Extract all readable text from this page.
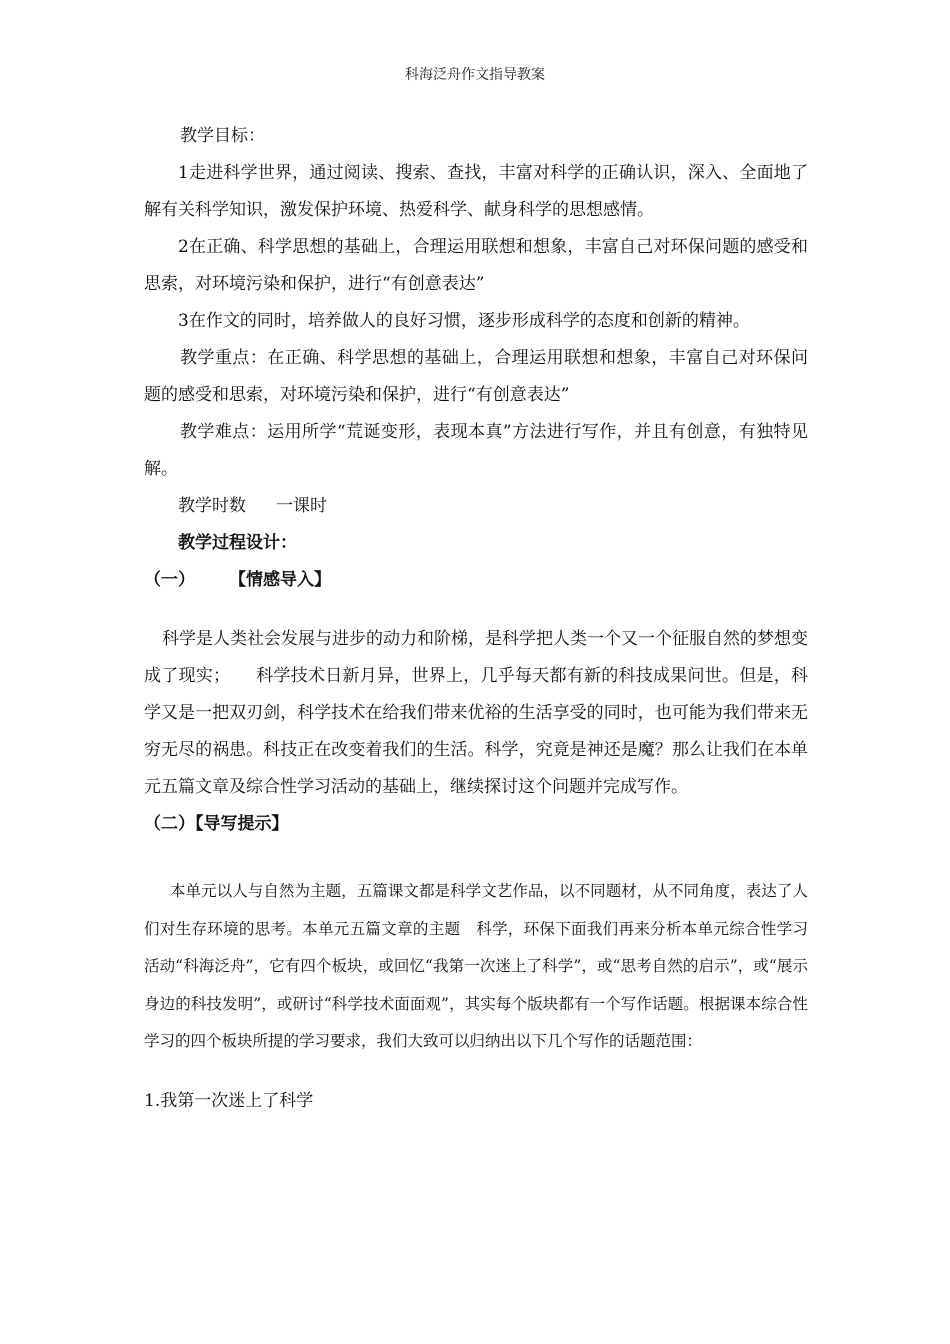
科海泛舟作文指导教案

教学目标：

1走进科学世界，通过阅读、搜索、查找，丰富对科学的正确认识，深入、全面地了解有关科学知识，激发保护环境、热爱科学、献身科学的思想感情。

2在正确、科学思想的基础上，合理运用联想和想象，丰富自己对环保问题的感受和思索，对环境污染和保护，进行“有创意表达”

3在作文的同时，培养做人的良好习惯，逐步形成科学的态度和创新的精神。

教学重点：在正确、科学思想的基础上，合理运用联想和想象，丰富自己对环保问题的感受和思索，对环境污染和保护，进行“有创意表达”

教学难点：运用所学“荒诞变形，表现本真”方法进行写作，并且有创意，有独特见解。

教学时数 一课时

教学过程设计：

（一） 【情感导入】

科学是人类社会发展与进步的动力和阶梯，是科学把人类一个又一个征服自然的梦想变成了现实；　　科学技术日新月异，世界上，几乎每天都有新的科技成果问世。但是，科学又是一把双刃剑，科学技术在给我们带来优裕的生活享受的同时，也可能为我们带来无穷无尽的祸患。科技正在改变着我们的生活。科学，究竟是神还是魔？那么让我们在本单元五篇文章及综合性学习活动的基础上，继续探讨这个问题并完成写作。

（二）【导写提示】

本单元以人与自然为主题，五篇课文都是科学文艺作品，以不同题材，从不同角度，表达了人们对生存环境的思考。本单元五篇文章的主题　科学，环保下面我们再来分析本单元综合性学习活动“科海泛舟”，它有四个板块，或回忆“我第一次迷上了科学”，或“思考自然的启示”，或“展示身边的科技发明”，或研讨“科学技术面面观”，其实每个版块都有一个写作话题。根据课本综合性学习的四个板块所提的学习要求，我们大致可以归纳出以下几个写作的话题范围：

1.我第一次迷上了科学
